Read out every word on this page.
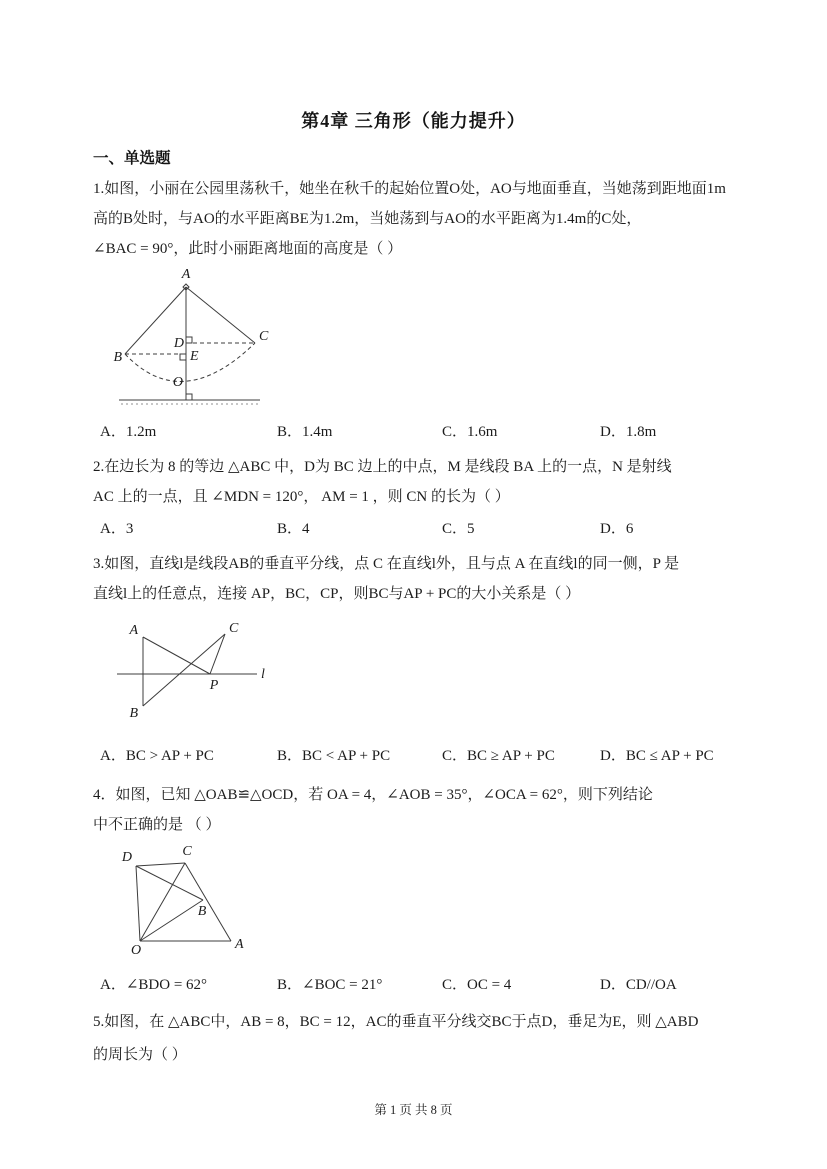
第4章 三角形（能力提升）
一、单选题
1.如图，小丽在公园里荡秋千，她坐在秋千的起始位置O处，AO与地面垂直，当她荡到距地面1m
高的B处时，与AO的水平距离BE为1.2m，当她荡到与AO的水平距离为1.4m的C处，
∠BAC = 90°，此时小丽距离地面的高度是（ ）
A
B
C
D
E
O
A．1.2m	B．1.4m	C．1.6m	D．1.8m
2.在边长为 8 的等边 △ABC 中，D为 BC 边上的中点，M 是线段 BA 上的一点，N 是射线
AC 上的一点，且 ∠MDN = 120°， AM = 1 ，则 CN 的长为（ ）
A．3	B．4	C．5	D．6
3.如图，直线l是线段AB的垂直平分线，点 C 在直线l外，且与点 A 在直线l的同一侧，P 是
直线l上的任意点，连接 AP，BC，CP，则BC与AP + PC的大小关系是（ ）
A
B
C
P
l
A．BC > AP + PC	B．BC < AP + PC	C．BC ≥ AP + PC	D．BC ≤ AP + PC
4．如图，已知 △OAB≌△OCD，若 OA = 4，∠AOB = 35°，∠OCA = 62°，则下列结论
中不正确的是 （ ）
D	C
B
O	A
A．∠BDO = 62°	B．∠BOC = 21°	C．OC = 4	D．CD//OA
5.如图，在 △ABC中，AB = 8，BC = 12，AC的垂直平分线交BC于点D，垂足为E，则 △ABD
的周长为（ ）
第 1 页 共 8 页
